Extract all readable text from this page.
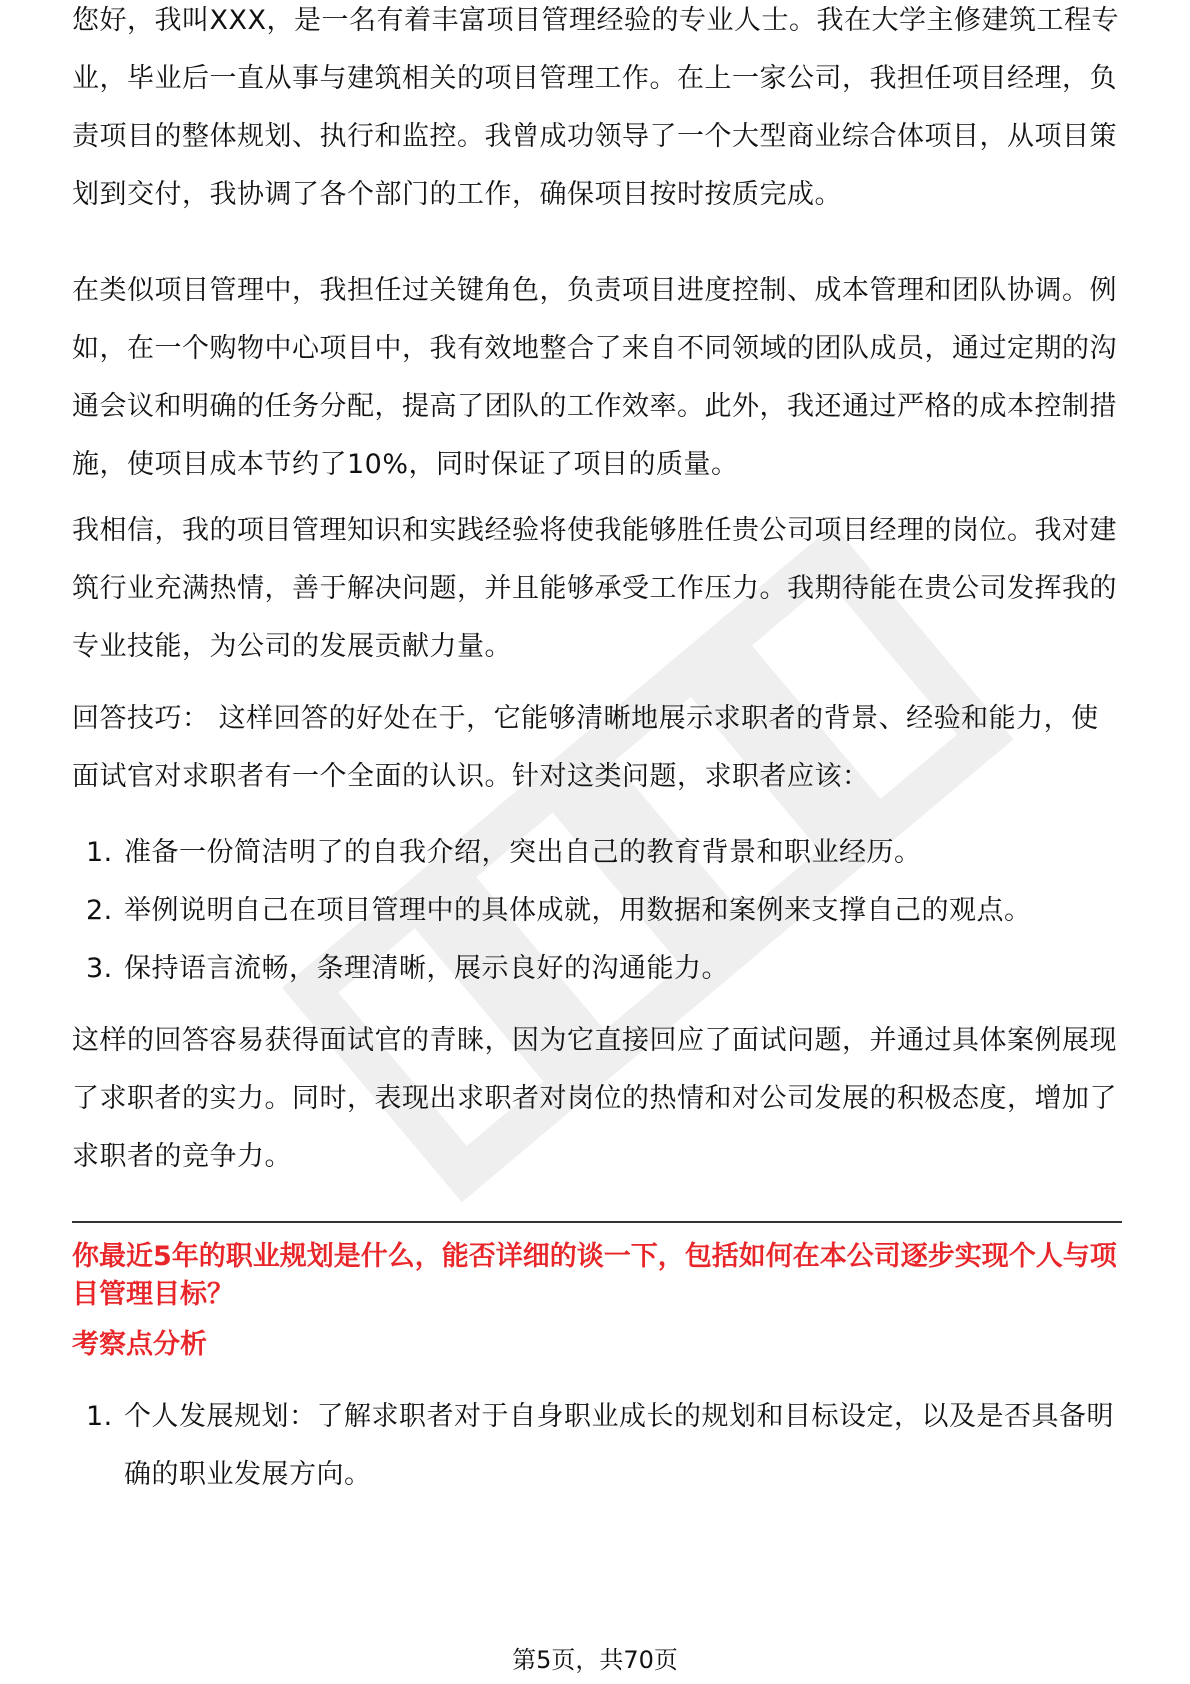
您好，我叫XXX，是一名有着丰富项目管理经验的专业人士。我在大学主修建筑工程专业，毕业后一直从事与建筑相关的项目管理工作。在上一家公司，我担任项目经理，负责项目的整体规划、执行和监控。我曾成功领导了一个大型商业综合体项目，从项目策划到交付，我协调了各个部门的工作，确保项目按时按质完成。

在类似项目管理中，我担任过关键角色，负责项目进度控制、成本管理和团队协调。例如，在一个购物中心项目中，我有效地整合了来自不同领域的团队成员，通过定期的沟通会议和明确的任务分配，提高了团队的工作效率。此外，我还通过严格的成本控制措施，使项目成本节约了10%，同时保证了项目的质量。

我相信，我的项目管理知识和实践经验将使我能够胜任贵公司项目经理的岗位。我对建筑行业充满热情，善于解决问题，并且能够承受工作压力。我期待能在贵公司发挥我的专业技能，为公司的发展贡献力量。

回答技巧： 这样回答的好处在于，它能够清晰地展示求职者的背景、经验和能力，使面试官对求职者有一个全面的认识。针对这类问题，求职者应该：

1. 准备一份简洁明了的自我介绍，突出自己的教育背景和职业经历。
2. 举例说明自己在项目管理中的具体成就，用数据和案例来支撑自己的观点。
3. 保持语言流畅，条理清晰，展示良好的沟通能力。

这样的回答容易获得面试官的青睐，因为它直接回应了面试问题，并通过具体案例展现了求职者的实力。同时，表现出求职者对岗位的热情和对公司发展的积极态度，增加了求职者的竞争力。

你最近5年的职业规划是什么，能否详细的谈一下，包括如何在本公司逐步实现个人与项目管理目标？

考察点分析

1. 个人发展规划：了解求职者对于自身职业成长的规划和目标设定，以及是否具备明确的职业发展方向。
第5页，共70页
